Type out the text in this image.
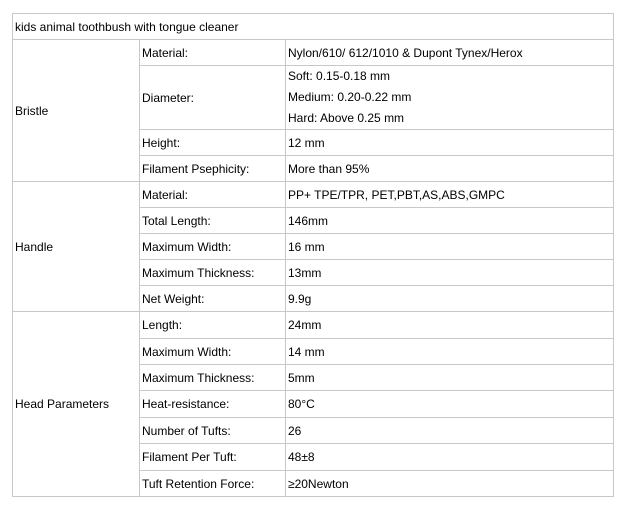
kids animal toothbush with tongue cleaner		
Bristle	Material:	Nylon/610/ 612/1010 & Dupont Tynex/Herox
	Diameter:	Soft: 0.15-0.18 mm
Medium: 0.20-0.22 mm
Hard: Above 0.25 mm

	Height:	12 mm
	Filament Psephicity:	More than 95%
Handle	Material:	PP+ TPE/TPR, PET,PBT,AS,ABS,GMPC
	Total Length:	146mm
	Maximum Width:	16 mm
	Maximum Thickness:	13mm
	Net Weight:	9.9g
Head Parameters	Length:	24mm
	Maximum Width:	14 mm
	Maximum Thickness:	5mm
	Heat-resistance:	80°C
	Number of Tufts:	26
	Filament Per Tuft:	48±8
	Tuft Retention Force:	≥20Newton
